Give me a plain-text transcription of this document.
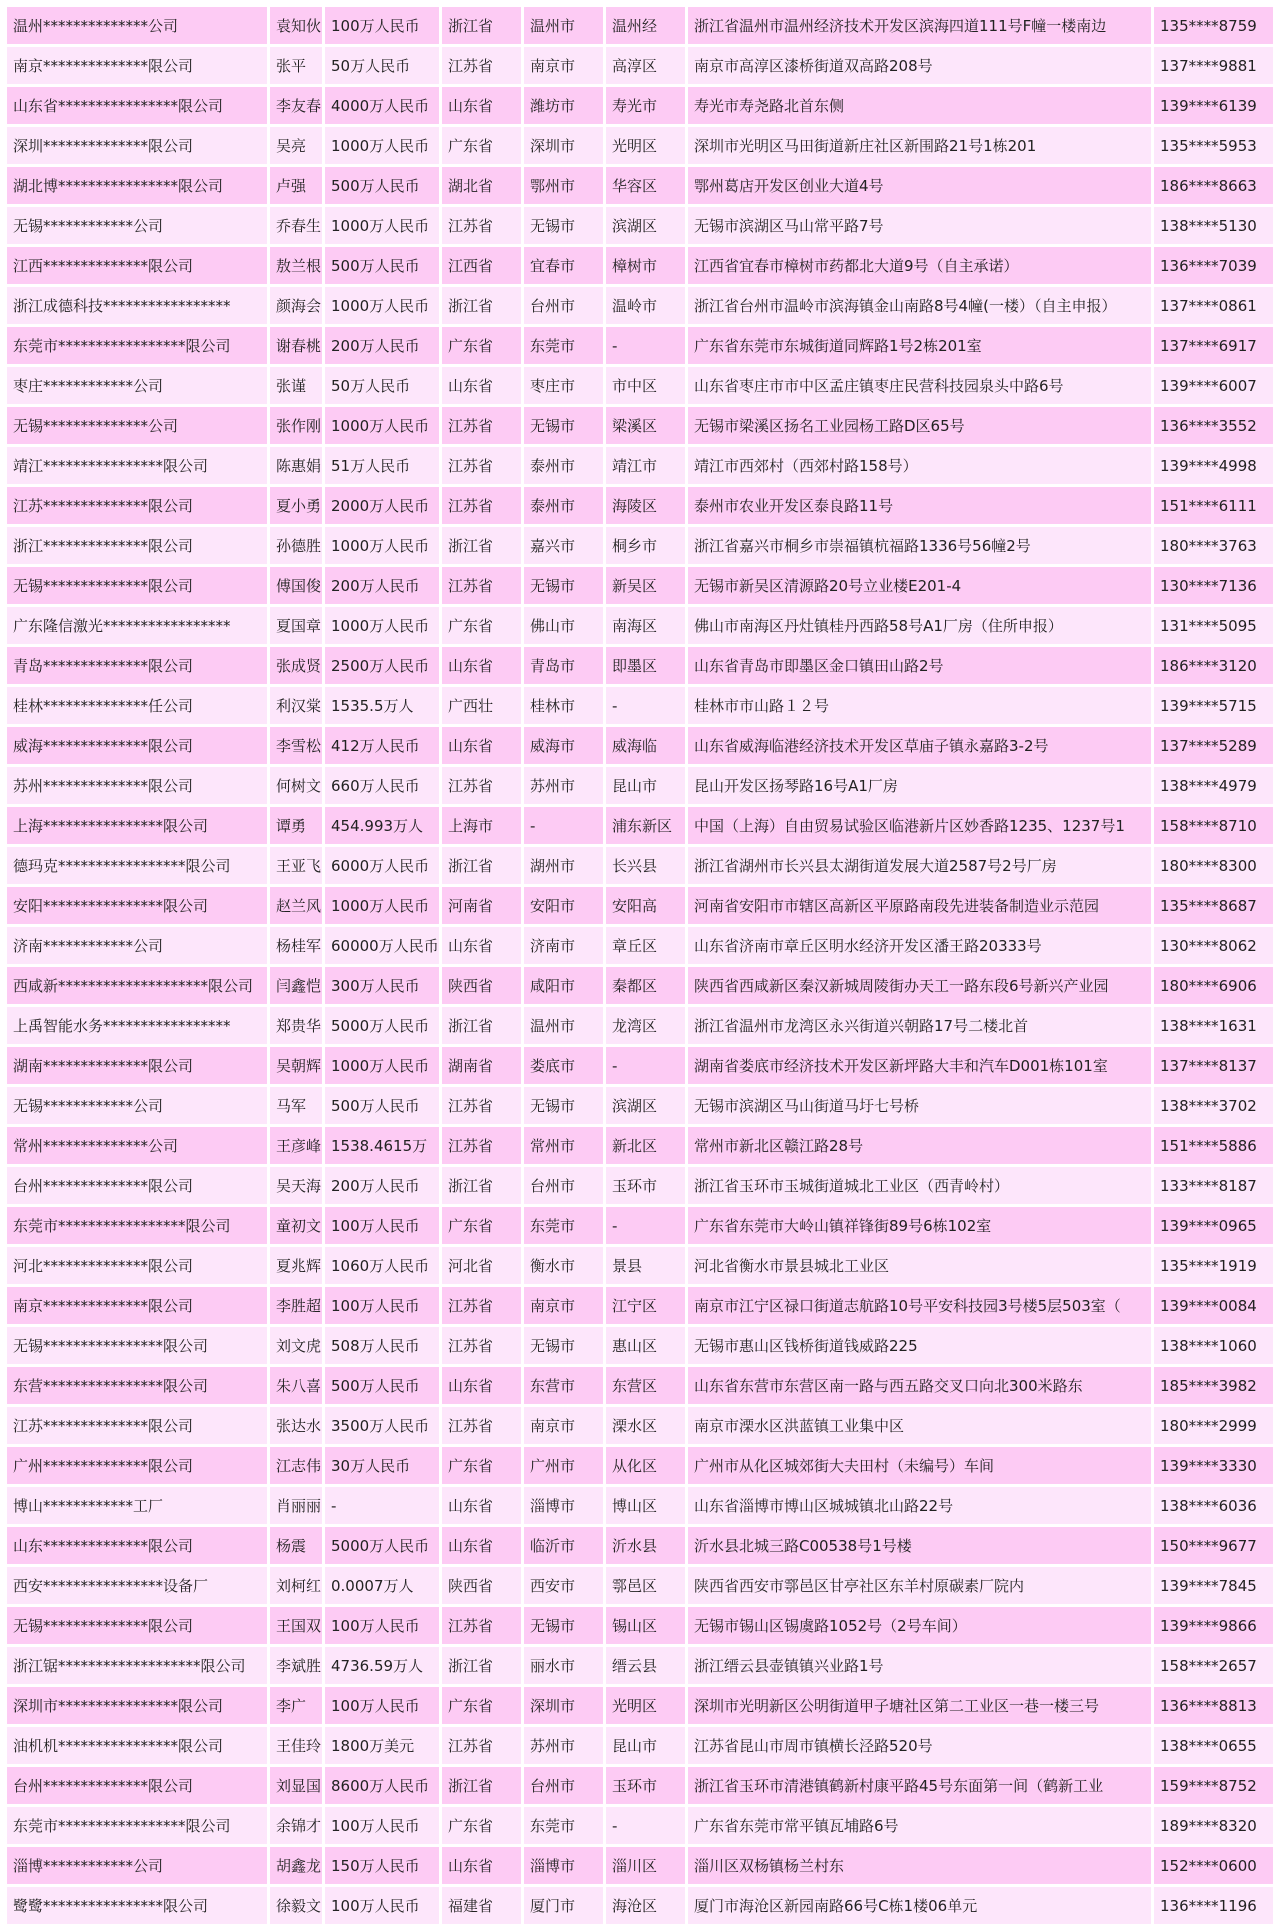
温州**************公司	袁知伙	100万人民币	浙江省	温州市	温州经	浙江省温州市温州经济技术开发区滨海四道111号F幢一楼南边	135****8759
南京**************限公司	张平	50万人民币	江苏省	南京市	高淳区	南京市高淳区漆桥街道双高路208号	137****9881
山东省****************限公司	李友春	4000万人民币	山东省	潍坊市	寿光市	寿光市寿尧路北首东侧	139****6139
深圳**************限公司	吴亮	1000万人民币	广东省	深圳市	光明区	深圳市光明区马田街道新庄社区新围路21号1栋201	135****5953
湖北博****************限公司	卢强	500万人民币	湖北省	鄂州市	华容区	鄂州葛店开发区创业大道4号	186****8663
无锡************公司	乔春生	1000万人民币	江苏省	无锡市	滨湖区	无锡市滨湖区马山常平路7号	138****5130
江西**************限公司	敖兰根	500万人民币	江西省	宜春市	樟树市	江西省宜春市樟树市药都北大道9号（自主承诺）	136****7039
浙江成德科技*****************	颜海会	1000万人民币	浙江省	台州市	温岭市	浙江省台州市温岭市滨海镇金山南路8号4幢(一楼）（自主申报）	137****0861
东莞市*****************限公司	谢春桃	200万人民币	广东省	东莞市	-	广东省东莞市东城街道同辉路1号2栋201室	137****6917
枣庄************公司	张谨	50万人民币	山东省	枣庄市	市中区	山东省枣庄市市中区孟庄镇枣庄民营科技园泉头中路6号	139****6007
无锡**************公司	张作刚	1000万人民币	江苏省	无锡市	梁溪区	无锡市梁溪区扬名工业园杨工路D区65号	136****3552
靖江****************限公司	陈惠娟	51万人民币	江苏省	泰州市	靖江市	靖江市西郊村（西郊村路158号）	139****4998
江苏**************限公司	夏小勇	2000万人民币	江苏省	泰州市	海陵区	泰州市农业开发区泰良路11号	151****6111
浙江**************限公司	孙德胜	1000万人民币	浙江省	嘉兴市	桐乡市	浙江省嘉兴市桐乡市崇福镇杭福路1336号56幢2号	180****3763
无锡**************限公司	傅国俊	200万人民币	江苏省	无锡市	新吴区	无锡市新吴区清源路20号立业楼E201-4	130****7136
广东隆信激光*****************	夏国章	1000万人民币	广东省	佛山市	南海区	佛山市南海区丹灶镇桂丹西路58号A1厂房（住所申报）	131****5095
青岛**************限公司	张成贤	2500万人民币	山东省	青岛市	即墨区	山东省青岛市即墨区金口镇田山路2号	186****3120
桂林**************任公司	利汉棠	1535.5万人	广西壮	桂林市	-	桂林市市山路１２号	139****5715
威海**************限公司	李雪松	412万人民币	山东省	威海市	威海临	山东省威海临港经济技术开发区草庙子镇永嘉路3-2号	137****5289
苏州**************限公司	何树文	660万人民币	江苏省	苏州市	昆山市	昆山开发区扬琴路16号A1厂房	138****4979
上海****************限公司	谭勇	454.993万人	上海市	-	浦东新区	中国（上海）自由贸易试验区临港新片区妙香路1235、1237号1	158****8710
德玛克*****************限公司	王亚飞	6000万人民币	浙江省	湖州市	长兴县	浙江省湖州市长兴县太湖街道发展大道2587号2号厂房	180****8300
安阳****************限公司	赵兰风	1000万人民币	河南省	安阳市	安阳高	河南省安阳市市辖区高新区平原路南段先进装备制造业示范园	135****8687
济南************公司	杨桂军	60000万人民币	山东省	济南市	章丘区	山东省济南市章丘区明水经济开发区潘王路20333号	130****8062
西咸新********************限公司	闫鑫恺	300万人民币	陕西省	咸阳市	秦都区	陕西省西咸新区秦汉新城周陵街办天工一路东段6号新兴产业园	180****6906
上禹智能水务*****************	郑贵华	5000万人民币	浙江省	温州市	龙湾区	浙江省温州市龙湾区永兴街道兴朝路17号二楼北首	138****1631
湖南**************限公司	吴朝辉	1000万人民币	湖南省	娄底市	-	湖南省娄底市经济技术开发区新坪路大丰和汽车D001栋101室	137****8137
无锡************公司	马军	500万人民币	江苏省	无锡市	滨湖区	无锡市滨湖区马山街道马圩七号桥	138****3702
常州**************公司	王彦峰	1538.4615万	江苏省	常州市	新北区	常州市新北区赣江路28号	151****5886
台州**************限公司	吴天海	200万人民币	浙江省	台州市	玉环市	浙江省玉环市玉城街道城北工业区（西青岭村）	133****8187
东莞市*****************限公司	童初文	100万人民币	广东省	东莞市	-	广东省东莞市大岭山镇祥锋街89号6栋102室	139****0965
河北**************限公司	夏兆辉	1060万人民币	河北省	衡水市	景县	河北省衡水市景县城北工业区	135****1919
南京**************限公司	李胜超	100万人民币	江苏省	南京市	江宁区	南京市江宁区禄口街道志航路10号平安科技园3号楼5层503室（	139****0084
无锡****************限公司	刘文虎	508万人民币	江苏省	无锡市	惠山区	无锡市惠山区钱桥街道钱威路225	138****1060
东营****************限公司	朱八喜	500万人民币	山东省	东营市	东营区	山东省东营市东营区南一路与西五路交叉口向北300米路东	185****3982
江苏**************限公司	张达水	3500万人民币	江苏省	南京市	溧水区	南京市溧水区洪蓝镇工业集中区	180****2999
广州**************限公司	江志伟	30万人民币	广东省	广州市	从化区	广州市从化区城郊街大夫田村（未编号）车间	139****3330
博山************工厂	肖丽丽	-	山东省	淄博市	博山区	山东省淄博市博山区城城镇北山路22号	138****6036
山东**************限公司	杨震	5000万人民币	山东省	临沂市	沂水县	沂水县北城三路C00538号1号楼	150****9677
西安****************设备厂	刘柯红	0.0007万人	陕西省	西安市	鄠邑区	陕西省西安市鄠邑区甘亭社区东羊村原碳素厂院内	139****7845
无锡**************限公司	王国双	100万人民币	江苏省	无锡市	锡山区	无锡市锡山区锡虞路1052号（2号车间）	139****9866
浙江锯*******************限公司	李斌胜	4736.59万人	浙江省	丽水市	缙云县	浙江缙云县壶镇镇兴业路1号	158****2657
深圳市****************限公司	李广	100万人民币	广东省	深圳市	光明区	深圳市光明新区公明街道甲子塘社区第二工业区一巷一楼三号	136****8813
油机机****************限公司	王佳玲	1800万美元	江苏省	苏州市	昆山市	江苏省昆山市周市镇横长泾路520号	138****0655
台州**************限公司	刘显国	8600万人民币	浙江省	台州市	玉环市	浙江省玉环市清港镇鹤新村康平路45号东面第一间（鹤新工业	159****8752
东莞市*****************限公司	余锦才	100万人民币	广东省	东莞市	-	广东省东莞市常平镇瓦埔路6号	189****8320
淄博************公司	胡鑫龙	150万人民币	山东省	淄博市	淄川区	淄川区双杨镇杨兰村东	152****0600
鹭鹭****************限公司	徐毅文	100万人民币	福建省	厦门市	海沧区	厦门市海沧区新园南路66号C栋1楼06单元	136****1196
